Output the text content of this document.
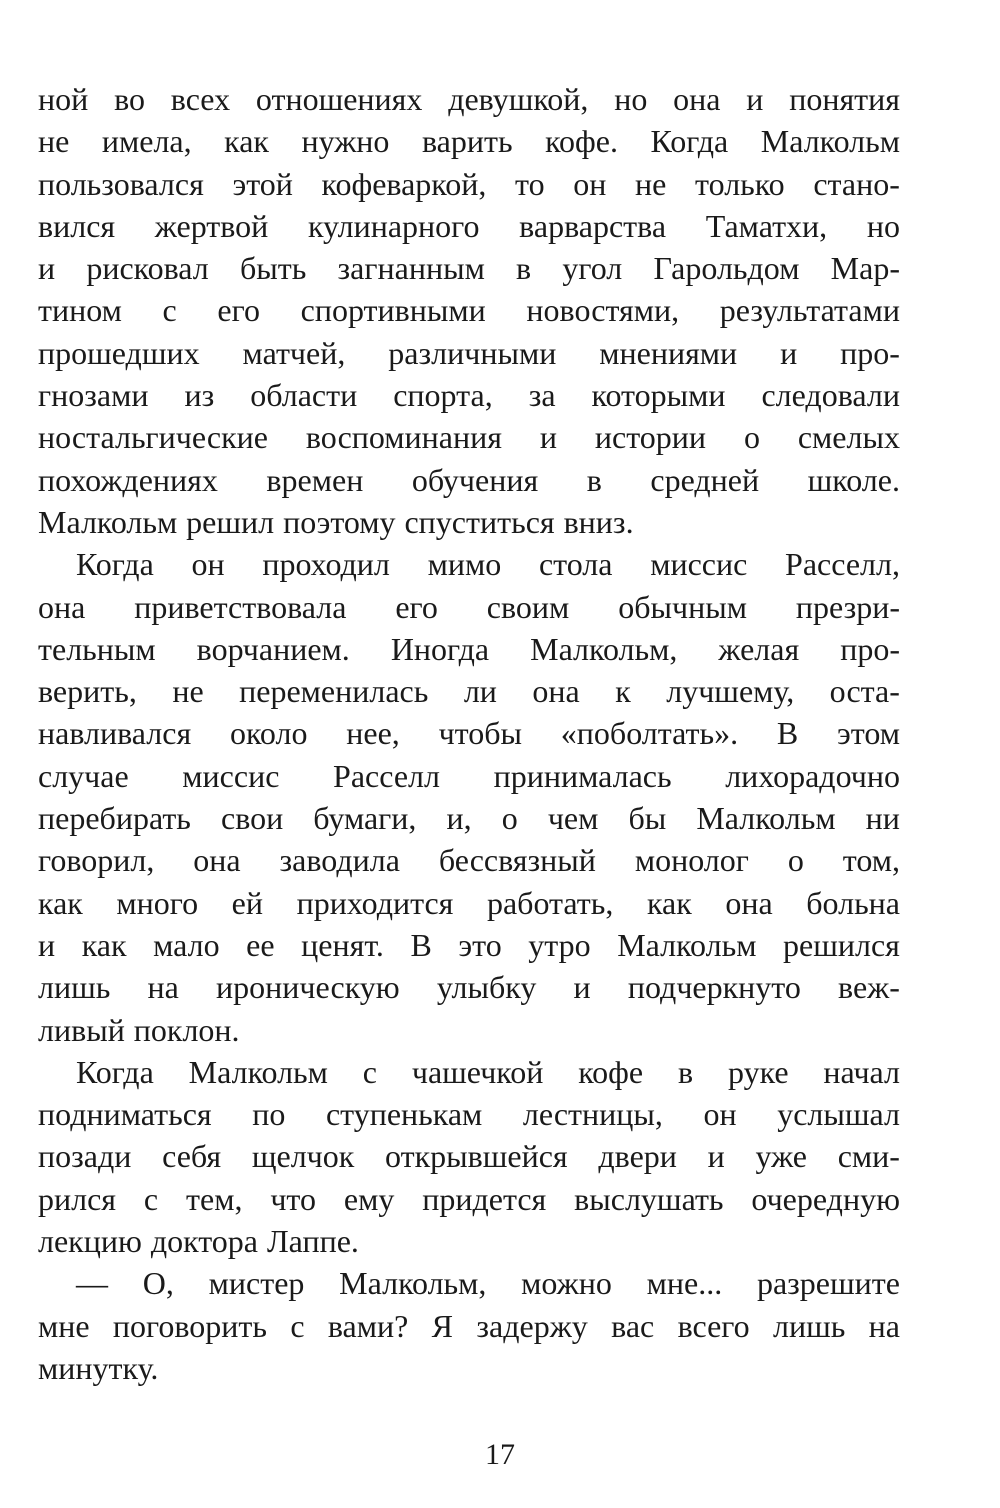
ной во всех отношениях девушкой, но она и понятия
не имела, как нужно варить кофе. Когда Малкольм
пользовался этой кофеваркой, то он не только стано-
вился жертвой кулинарного варварства Таматхи, но
и рисковал быть загнанным в угол Гарольдом Мар-
тином с его спортивными новостями, результатами
прошедших матчей, различными мнениями и про-
гнозами из области спорта, за которыми следовали
ностальгические воспоминания и истории о смелых
похождениях времен обучения в средней школе.
Малкольм решил поэтому спуститься вниз.
Когда он проходил мимо стола миссис Расселл,
она приветствовала его своим обычным презри-
тельным ворчанием. Иногда Малкольм, желая про-
верить, не переменилась ли она к лучшему, оста-
навливался около нее, чтобы «поболтать». В этом
случае миссис Расселл принималась лихорадочно
перебирать свои бумаги, и, о чем бы Малкольм ни
говорил, она заводила бессвязный монолог о том,
как много ей приходится работать, как она больна
и как мало ее ценят. В это утро Малкольм решился
лишь на ироническую улыбку и подчеркнуто веж-
ливый поклон.
Когда Малкольм с чашечкой кофе в руке начал
подниматься по ступенькам лестницы, он услышал
позади себя щелчок открывшейся двери и уже сми-
рился с тем, что ему придется выслушать очередную
лекцию доктора Лаппе.
— О, мистер Малкольм, можно мне... разрешите
мне поговорить с вами? Я задержу вас всего лишь на
минутку.
17
